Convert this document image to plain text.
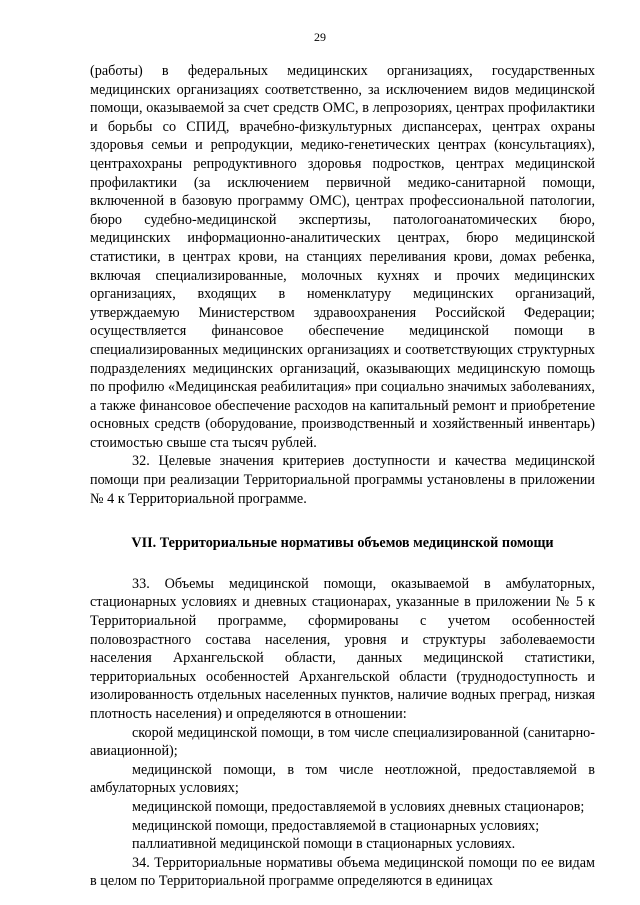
29

(работы) в федеральных медицинских организациях, государственных медицинских организациях соответственно, за исключением видов медицинской помощи, оказываемой за счет средств ОМС, в лепрозориях, центрах профилактики и борьбы со СПИД, врачебно-физкультурных диспансерах, центрах охраны здоровья семьи и репродукции, медико-генетических центрах (консультациях), центрахохраны репродуктивного здоровья подростков, центрах медицинской профилактики (за исключением первичной медико-санитарной помощи, включенной в базовую программу ОМС), центрах профессиональной патологии, бюро судебно-медицинской экспертизы, патологоанатомических бюро, медицинских информационно-аналитических центрах, бюро медицинской статистики, в центрах крови, на станциях переливания крови, домах ребенка, включая специализированные, молочных кухнях и прочих медицинских организациях, входящих в номенклатуру медицинских организаций, утверждаемую Министерством здравоохранения Российской Федерации; осуществляется финансовое обеспечение медицинской помощи в специализированных медицинских организациях и соответствующих структурных подразделениях медицинских организаций, оказывающих медицинскую помощь по профилю «Медицинская реабилитация» при социально значимых заболеваниях, а также финансовое обеспечение расходов на капитальный ремонт и приобретение основных средств (оборудование, производственный и хозяйственный инвентарь) стоимостью свыше ста тысяч рублей.

32. Целевые значения критериев доступности и качества медицинской помощи при реализации Территориальной программы установлены в приложении № 4 к Территориальной программе.

VII. Территориальные нормативы объемов медицинской помощи

33. Объемы медицинской помощи, оказываемой в амбулаторных, стационарных условиях и дневных стационарах, указанные в приложении № 5 к Территориальной программе, сформированы с учетом особенностей половозрастного состава населения, уровня и структуры заболеваемости населения Архангельской области, данных медицинской статистики, территориальных особенностей Архангельской области (труднодоступность и изолированность отдельных населенных пунктов, наличие водных преград, низкая плотность населения) и определяются в отношении:

скорой медицинской помощи, в том числе специализированной (санитарно-авиационной);

медицинской помощи, в том числе неотложной, предоставляемой в амбулаторных условиях;

медицинской помощи, предоставляемой в условиях дневных стационаров;

медицинской помощи, предоставляемой в стационарных условиях;

паллиативной медицинской помощи в стационарных условиях.

34. Территориальные нормативы объема медицинской помощи по ее видам в целом по Территориальной программе определяются в единицах
